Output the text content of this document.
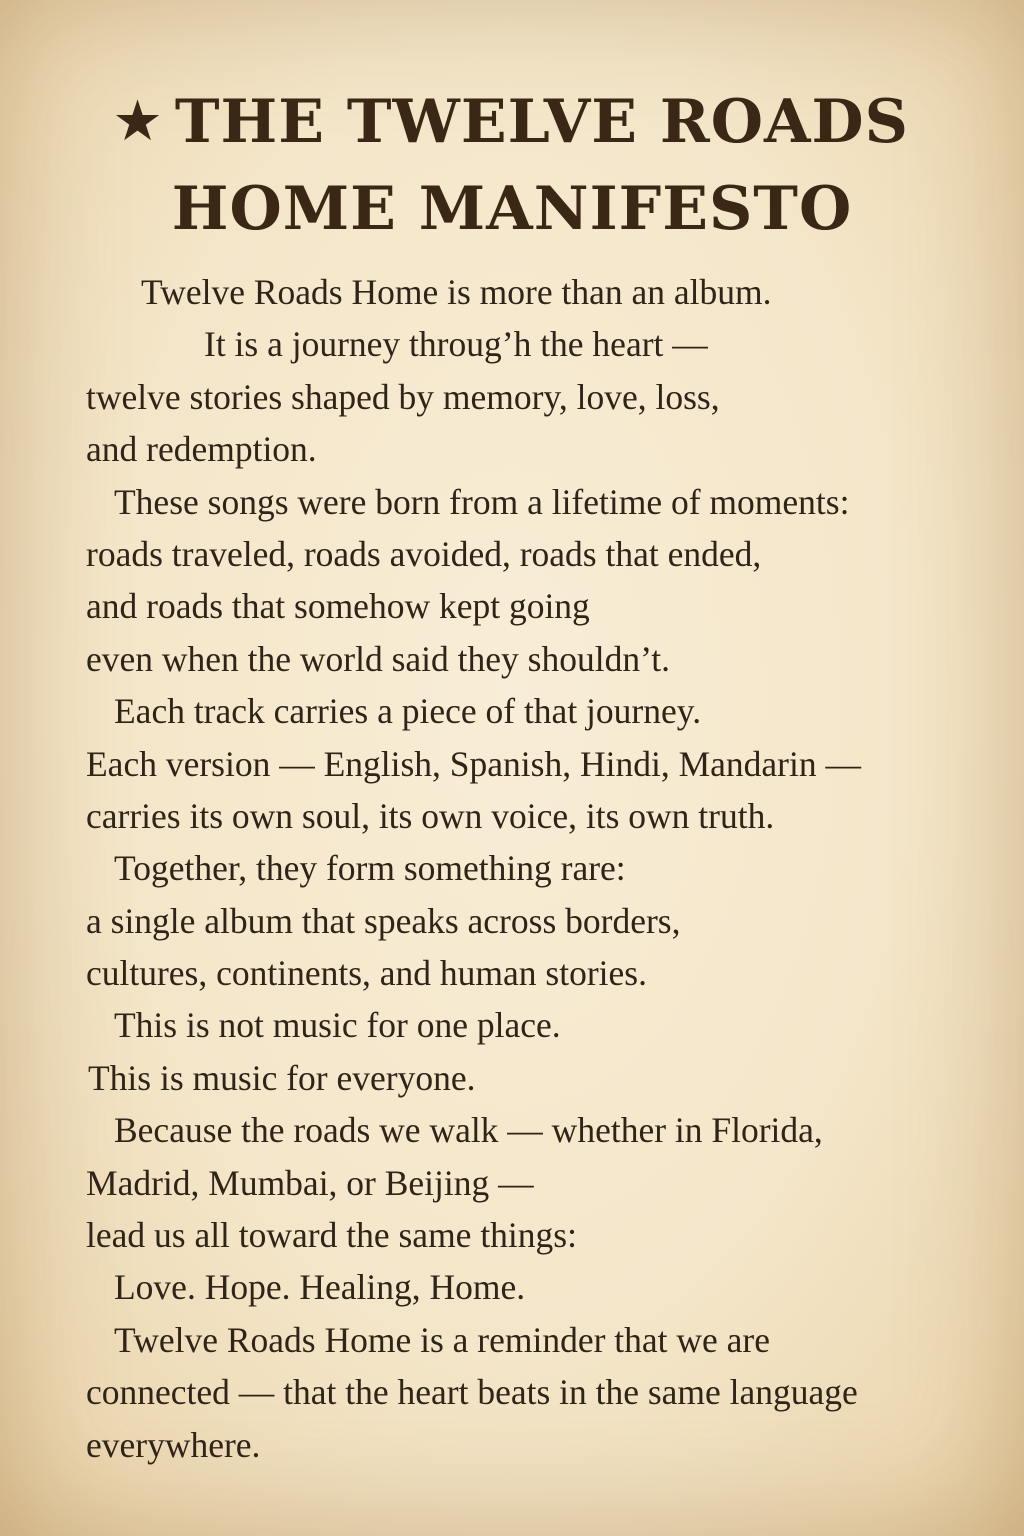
★ THE TWELVE ROADS
HOME MANIFESTO
Twelve Roads Home is more than an album.
It is a journey throug’h the heart —
twelve stories shaped by memory, love, loss,
and redemption.
These songs were born from a lifetime of moments:
roads traveled, roads avoided, roads that ended,
and roads that somehow kept going
even when the world said they shouldn’t.
Each track carries a piece of that journey.
Each version — English, Spanish, Hindi, Mandarin —
carries its own soul, its own voice, its own truth.
Together, they form something rare:
a single album that speaks across borders,
cultures, continents, and human stories.
This is not music for one place.
This is music for everyone.
Because the roads we walk — whether in Florida,
Madrid, Mumbai, or Beijing —
lead us all toward the same things:
Love. Hope. Healing, Home.
Twelve Roads Home is a reminder that we are
connected — that the heart beats in the same language
everywhere.
